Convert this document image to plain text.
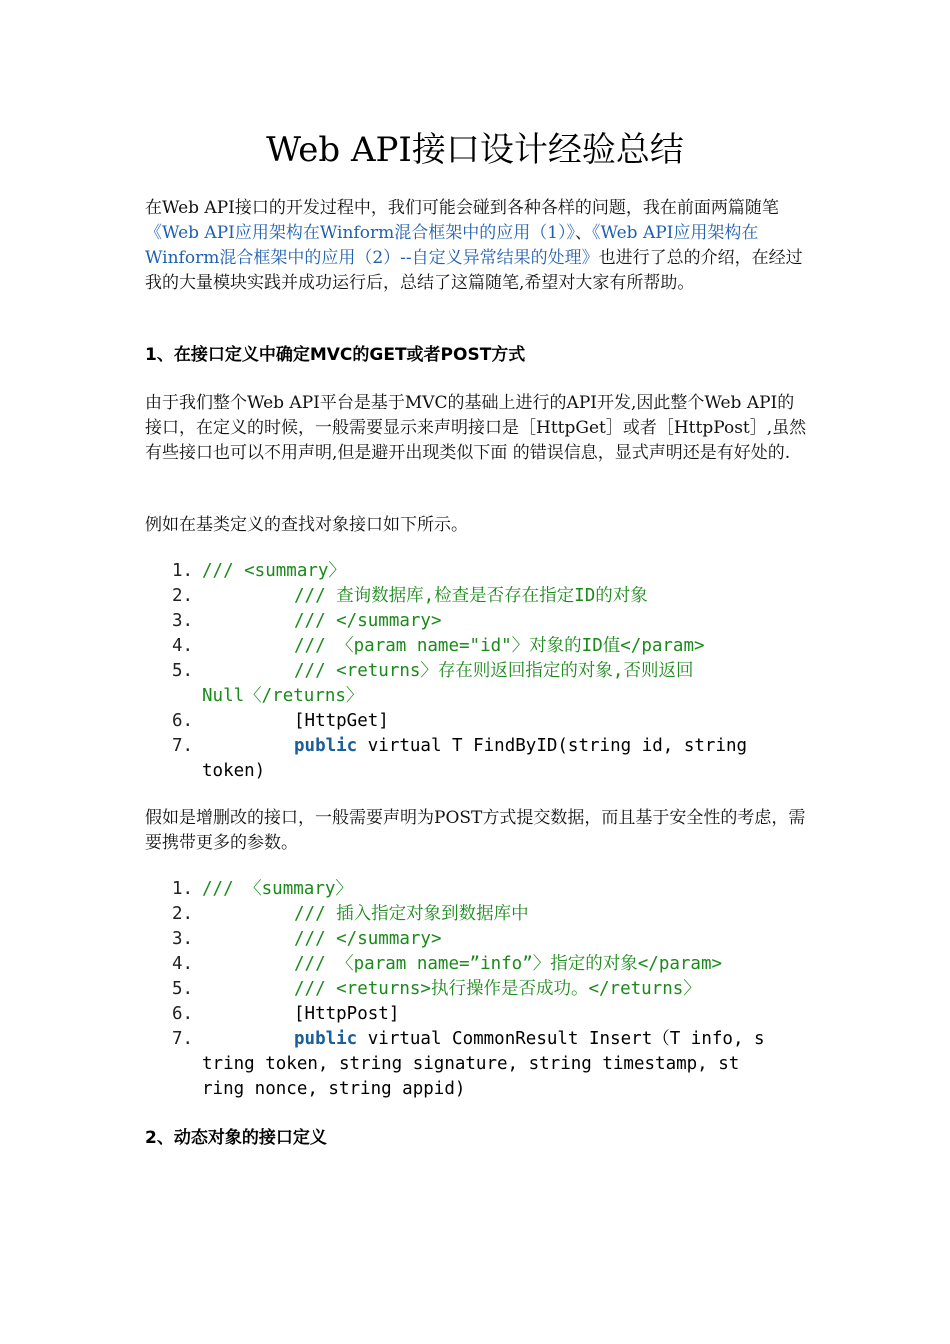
Web API接口设计经验总结
在Web API接口的开发过程中，我们可能会碰到各种各样的问题，我在前面两篇随笔《Web API应用架构在Winform混合框架中的应用（1）》、《Web API应用架构在Winform混合框架中的应用（2）--自定义异常结果的处理》也进行了总的介绍，在经过我的大量模块实践并成功运行后，总结了这篇随笔,希望对大家有所帮助。
1、在接口定义中确定MVC的GET或者POST方式
由于我们整个Web API平台是基于MVC的基础上进行的API开发,因此整个Web API的接口，在定义的时候，一般需要显示来声明接口是［HttpGet］或者［HttpPost］,虽然有些接口也可以不用声明,但是避开出现类似下面 的错误信息，显式声明还是有好处的.
例如在基类定义的查找对象接口如下所示。
1. /// <summary〉
2.	/// 查询数据库,检查是否存在指定ID的对象
3.	/// </summary>
4.	/// 〈param name="id"〉对象的ID值</param>
5.	/// <returns〉存在则返回指定的对象,否则返回
Null〈/returns〉
6.	[HttpGet]
7.	public virtual T FindByID(string id, string
token)
假如是增删改的接口，一般需要声明为POST方式提交数据，而且基于安全性的考虑，需要携带更多的参数。
1. /// 〈summary〉
2.	/// 插入指定对象到数据库中
3.	/// </summary>
4.	/// 〈param name=”info”〉指定的对象</param>
5.	/// <returns>执行操作是否成功。</returns〉
6.	[HttpPost]
7.	public virtual CommonResult Insert（T info, s
tring token, string signature, string timestamp, st
ring nonce, string appid)
2、动态对象的接口定义
